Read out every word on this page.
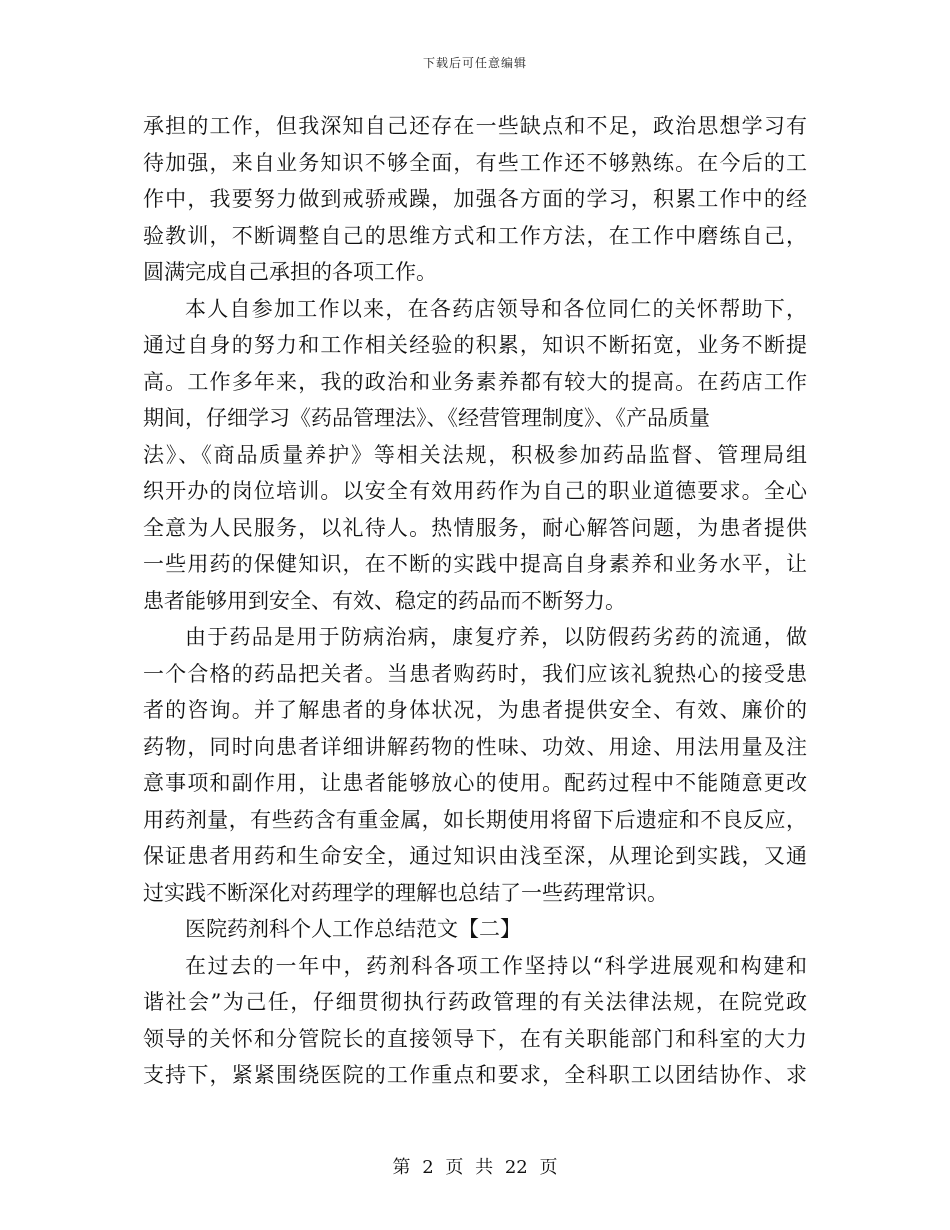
下载后可任意编辑
承担的工作，但我深知自己还存在一些缺点和不足，政治思想学习有
待加强，来自业务知识不够全面，有些工作还不够熟练。在今后的工
作中，我要努力做到戒骄戒躁，加强各方面的学习，积累工作中的经
验教训，不断调整自己的思维方式和工作方法，在工作中磨练自己，
圆满完成自己承担的各项工作。
本人自参加工作以来，在各药店领导和各位同仁的关怀帮助下，
通过自身的努力和工作相关经验的积累，知识不断拓宽，业务不断提
高。工作多年来，我的政治和业务素养都有较大的提高。在药店工作
期间，仔细学习《药品管理法》、《经营管理制度》、《产品质量
法》、《商品质量养护》等相关法规，积极参加药品监督、管理局组
织开办的岗位培训。以安全有效用药作为自己的职业道德要求。全心
全意为人民服务，以礼待人。热情服务，耐心解答问题，为患者提供
一些用药的保健知识，在不断的实践中提高自身素养和业务水平，让
患者能够用到安全、有效、稳定的药品而不断努力。
由于药品是用于防病治病，康复疗养，以防假药劣药的流通，做
一个合格的药品把关者。当患者购药时，我们应该礼貌热心的接受患
者的咨询。并了解患者的身体状况，为患者提供安全、有效、廉价的
药物，同时向患者详细讲解药物的性味、功效、用途、用法用量及注
意事项和副作用，让患者能够放心的使用。配药过程中不能随意更改
用药剂量，有些药含有重金属，如长期使用将留下后遗症和不良反应，
保证患者用药和生命安全，通过知识由浅至深，从理论到实践，又通
过实践不断深化对药理学的理解也总结了一些药理常识。
医院药剂科个人工作总结范文【二】
在过去的一年中，药剂科各项工作坚持以“科学进展观和构建和
谐社会”为己任，仔细贯彻执行药政管理的有关法律法规，在院党政
领导的关怀和分管院长的直接领导下，在有关职能部门和科室的大力
支持下，紧紧围绕医院的工作重点和要求，全科职工以团结协作、求
第 2 页 共 22 页
